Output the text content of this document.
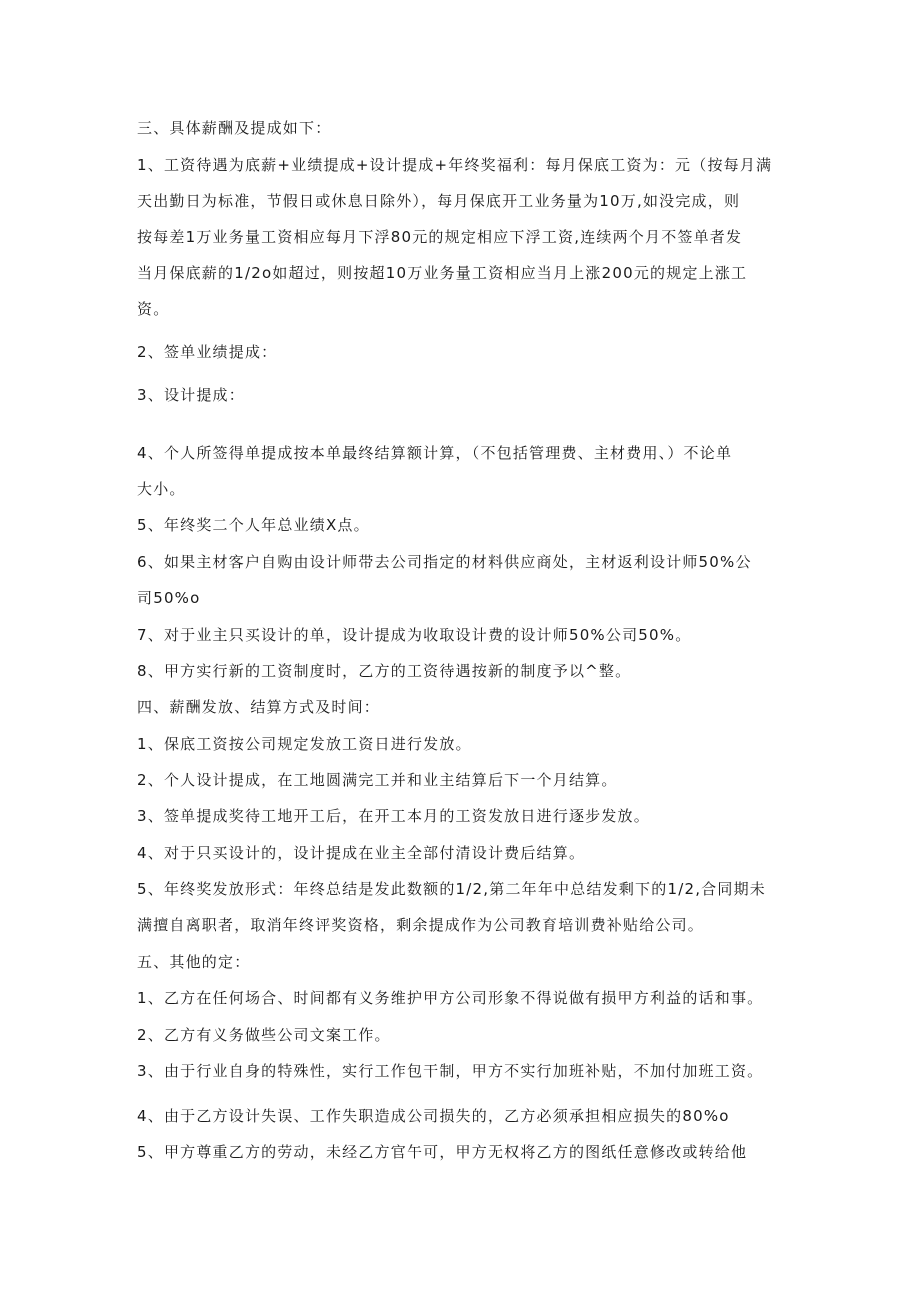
三、具体薪酬及提成如下：

1、工资待遇为底薪+业绩提成+设计提成+年终奖福利：每月保底工资为：元（按每月满

天出勤日为标准，节假日或休息日除外），每月保底开工业务量为10万,如没完成，则

按每差1万业务量工资相应每月下浮80元的规定相应下浮工资,连续两个月不签单者发

当月保底薪的1/2o如超过，则按超10万业务量工资相应当月上涨200元的规定上涨工

资。

2、签单业绩提成：

3、设计提成：

4、个人所签得单提成按本单最终结算额计算，（不包括管理费、主材费用、）不论单

大小。

5、年终奖二个人年总业绩X点。

6、如果主材客户自购由设计师带去公司指定的材料供应商处，主材返利设计师50%公

司50%o

7、对于业主只买设计的单，设计提成为收取设计费的设计师50%公司50%。

8、甲方实行新的工资制度时，乙方的工资待遇按新的制度予以^整。

四、薪酬发放、结算方式及时间：

1、保底工资按公司规定发放工资日进行发放。

2、个人设计提成，在工地圆满完工并和业主结算后下一个月结算。

3、签单提成奖待工地开工后，在开工本月的工资发放日进行逐步发放。

4、对于只买设计的，设计提成在业主全部付清设计费后结算。

5、年终奖发放形式：年终总结是发此数额的1/2,第二年年中总结发剩下的1/2,合同期未

满擅自离职者，取消年终评奖资格，剩余提成作为公司教育培训费补贴给公司。

五、其他的定：

1、乙方在任何场合、时间都有义务维护甲方公司形象不得说做有损甲方利益的话和事。

2、乙方有义务做些公司文案工作。

3、由于行业自身的特殊性，实行工作包干制，甲方不实行加班补贴，不加付加班工资。

4、由于乙方设计失误、工作失职造成公司损失的，乙方必须承担相应损失的80%o

5、甲方尊重乙方的劳动，未经乙方官午可，甲方无权将乙方的图纸任意修改或转给他
